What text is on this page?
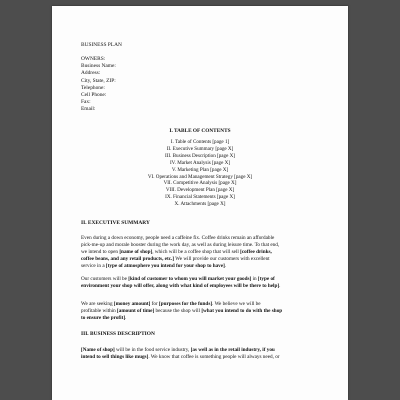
BUSINESS PLAN
OWNERS:
Business Name:
Address:
City, State, ZIP:
Telephone:
Cell Phone:
Fax:
Email:
I. TABLE OF CONTENTS
I. Table of Contents [page 1]
II. Executive Summary [page X]
III. Business Description [page X]
IV. Market Analysis [page X]
V. Marketing Plan [page X]
VI. Operations and Management Strategy [page X]
VII. Competitive Analysis [page X]
VIII. Development Plan [page X]
IX. Financial Statements [page X]
X. Attachments [page X]
II. EXECUTIVE SUMMARY
Even during a down economy, people need a caffeine fix. Coffee drinks remain an affordable
pick-me-up and morale booster during the work day, as well as during leisure time. To that end,
we intend to open [name of shop], which will be a coffee shop that will sell [coffee drinks,
coffee beans, and any retail products, etc.] We will provide our customers with excellent
service in a [type of atmosphere you intend for your shop to have].
Our customers will be [kind of customer to whom you will market your goods] in [type of
environment your shop will offer, along with what kind of employees will be there to help].
We are seeking [money amount] for [purposes for the funds]. We believe we will be
profitable within [amount of time] because the shop will [what you intend to do with the shop
to ensure the profit].
III. BUSINESS DESCRIPTION
[Name of shop] will be in the food service industry, [as well as in the retail industry, if you
intend to sell things like mugs]. We know that coffee is something people will always need, or
